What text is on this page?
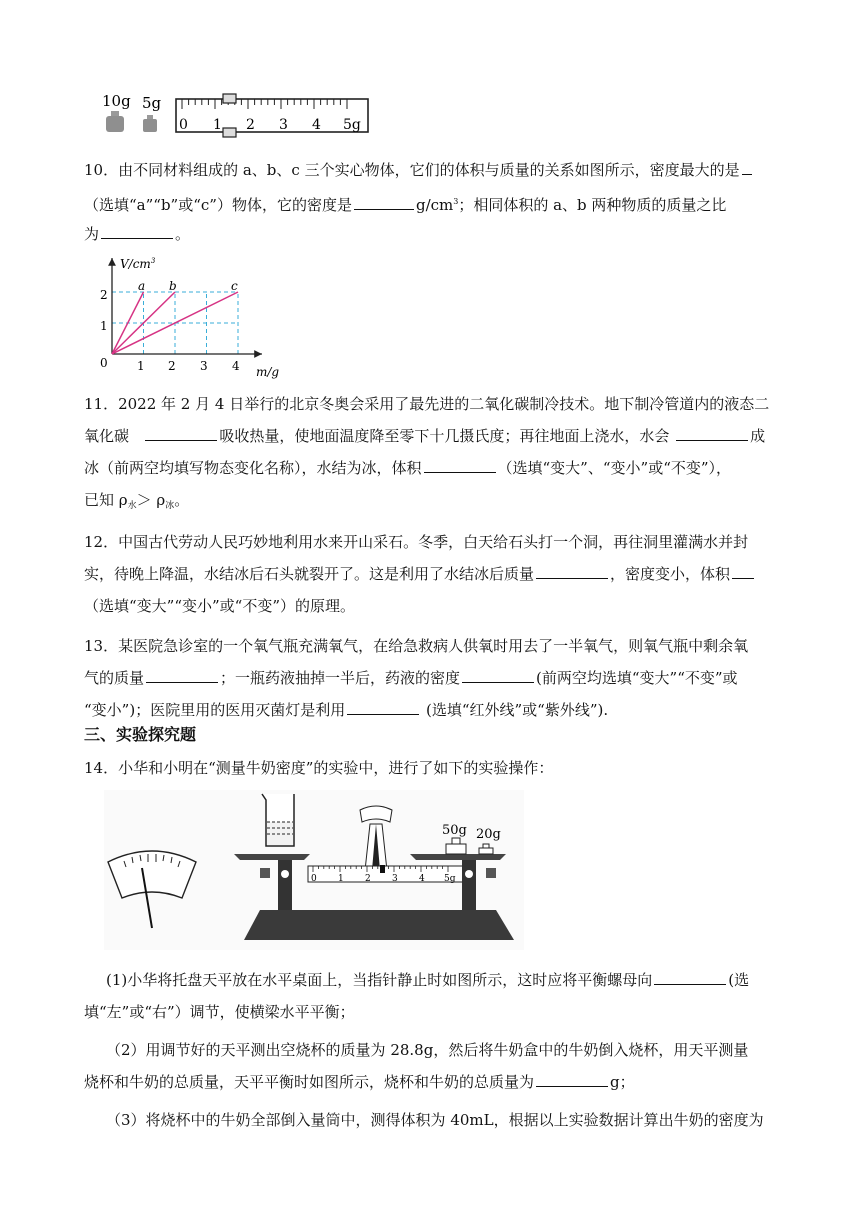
10g 5g
0 1 2 3 4 5g
10．由不同材料组成的 a、b、c 三个实心物体，它们的体积与质量的关系如图所示，密度最大的是
（选填“a”“b”或“c”）物体，它的密度是	$g/cm^3$；相同体积的 a、b 两种物质的质量之比
为	。
$V/cm^3$
m/g
0
1
2
1 2 3 4
a b	c
11．2022 年 2 月 4 日举行的北京冬奥会采用了最先进的二氧化碳制冷技术。地下制冷管道内的液态二
氧化碳	吸收热量，使地面温度降至零下十几摄氏度；再往地面上浇水，水会	成
冰（前两空均填写物态变化名称），水结为冰，体积	（选填“变大”、“变小”或“不变”），
已知 $\rho_水> \rho_冰$。
12．中国古代劳动人民巧妙地利用水来开山采石。冬季，白天给石头打一个洞，再往洞里灌满水并封
实，待晚上降温，水结冰后石头就裂开了。这是利用了水结冰后质量	，密度变小，体积
（选填“变大”“变小”或“不变”）的原理。
13．某医院急诊室的一个氧气瓶充满氧气，在给急救病人供氧时用去了一半氧气，则氧气瓶中剩余氧
气的质量	；一瓶药液抽掉一半后，药液的密度	(前两空均选填“变大”“不变”或
“变小”)；医院里用的医用灭菌灯是利用	(选填“红外线”或“紫外线”).
三、实验探究题
14．小华和小明在“测量牛奶密度”的实验中，进行了如下的实验操作：
50g 20g
0 1 2 3 4 5g
(1)小华将托盘天平放在水平桌面上，当指针静止时如图所示，这时应将平衡螺母向	(选
填“左”或“右”）调节，使横梁水平平衡；
（2）用调节好的天平测出空烧杯的质量为 28.8g，然后将牛奶盒中的牛奶倒入烧杯，用天平测量
烧杯和牛奶的总质量，天平平衡时如图所示，烧杯和牛奶的总质量为	g；
（3）将烧杯中的牛奶全部倒入量筒中，测得体积为 40mL，根据以上实验数据计算出牛奶的密度为
